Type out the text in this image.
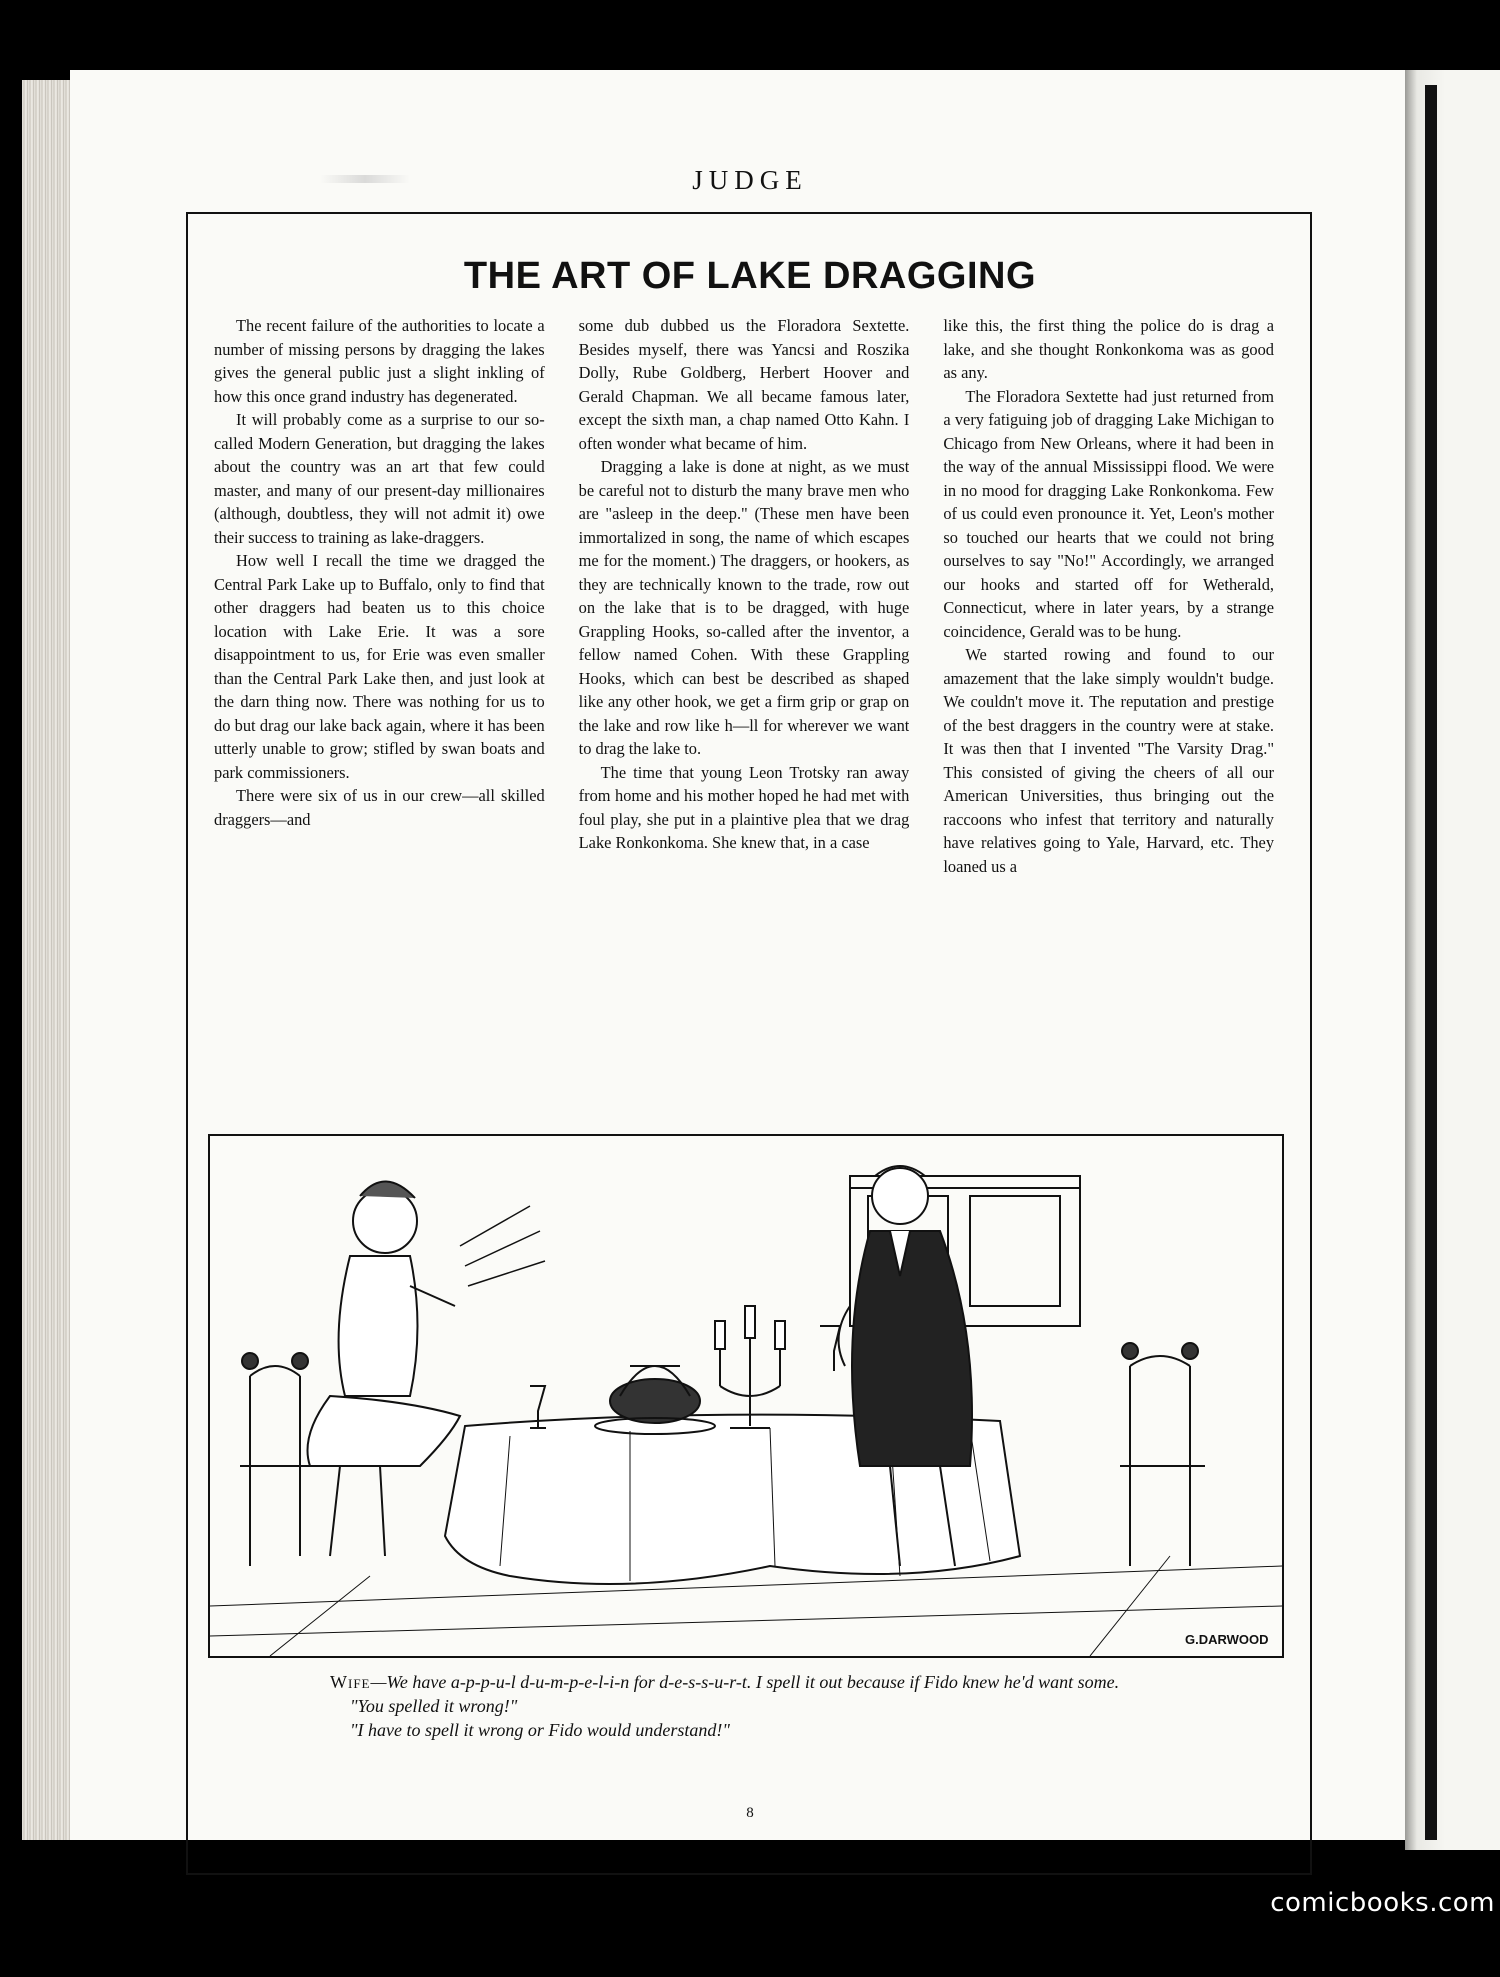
JUDGE
THE ART OF LAKE DRAGGING

The recent failure of the authorities to locate a number of missing persons by dragging the lakes gives the general public just a slight inkling of how this once grand industry has degenerated.

It will probably come as a surprise to our so-called Modern Generation, but dragging the lakes about the country was an art that few could master, and many of our present-day millionaires (although, doubtless, they will not admit it) owe their success to training as lake-draggers.

How well I recall the time we dragged the Central Park Lake up to Buffalo, only to find that other draggers had beaten us to this choice location with Lake Erie. It was a sore disappointment to us, for Erie was even smaller than the Central Park Lake then, and just look at the darn thing now. There was nothing for us to do but drag our lake back again, where it has been utterly unable to grow; stifled by swan boats and park commissioners.

There were six of us in our crew—all skilled draggers—and

some dub dubbed us the Floradora Sextette. Besides myself, there was Yancsi and Roszika Dolly, Rube Goldberg, Herbert Hoover and Gerald Chapman. We all became famous later, except the sixth man, a chap named Otto Kahn. I often wonder what became of him.

Dragging a lake is done at night, as we must be careful not to disturb the many brave men who are "asleep in the deep." (These men have been immortalized in song, the name of which escapes me for the moment.) The draggers, or hookers, as they are technically known to the trade, row out on the lake that is to be dragged, with huge Grappling Hooks, so-called after the inventor, a fellow named Cohen. With these Grappling Hooks, which can best be described as shaped like any other hook, we get a firm grip or grap on the lake and row like h—ll for wherever we want to drag the lake to.

The time that young Leon Trotsky ran away from home and his mother hoped he had met with foul play, she put in a plaintive plea that we drag Lake Ronkonkoma. She knew that, in a case

like this, the first thing the police do is drag a lake, and she thought Ronkonkoma was as good as any.

The Floradora Sextette had just returned from a very fatiguing job of dragging Lake Michigan to Chicago from New Orleans, where it had been in the way of the annual Mississippi flood. We were in no mood for dragging Lake Ronkonkoma. Few of us could even pronounce it. Yet, Leon's mother so touched our hearts that we could not bring ourselves to say "No!" Accordingly, we arranged our hooks and started off for Wetherald, Connecticut, where in later years, by a strange coincidence, Gerald was to be hung.

We started rowing and found to our amazement that the lake simply wouldn't budge. We couldn't move it. The reputation and prestige of the best draggers in the country were at stake. It was then that I invented "The Varsity Drag." This consisted of giving the cheers of all our American Universities, thus bringing out the raccoons who infest that territory and naturally have relatives going to Yale, Harvard, etc. They loaned us a

G.DARWOOD
Wife—We have a-p-p-u-l d-u-m-p-e-l-i-n for d-e-s-s-u-r-t. I spell it out because if Fido knew he'd want some.
"You spelled it wrong!"
"I have to spell it wrong or Fido would understand!"
8
comicbooks.com
